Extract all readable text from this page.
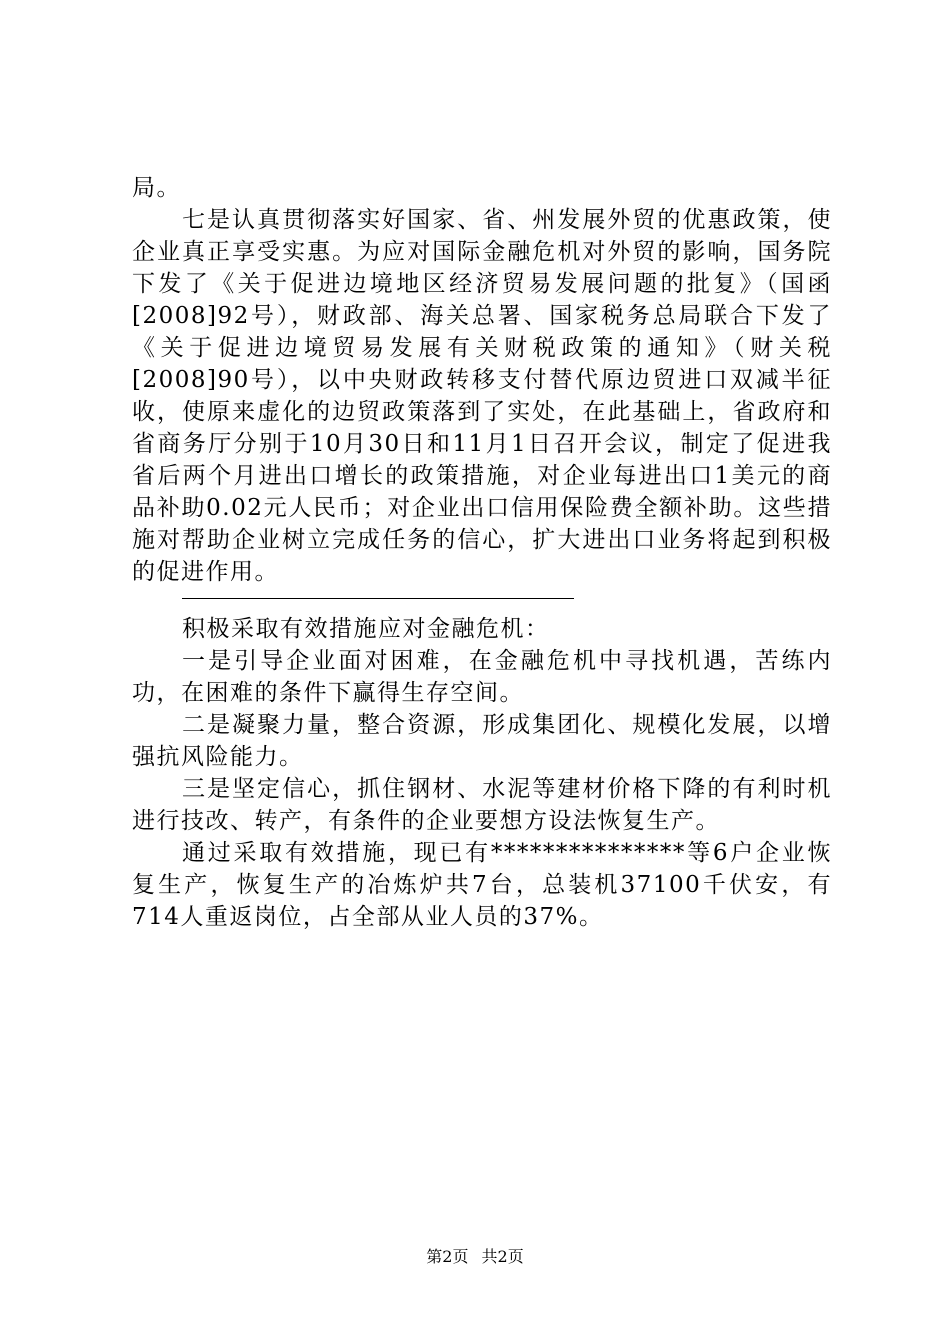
局。

七是认真贯彻落实好国家、省、州发展外贸的优惠政策，使企业真正享受实惠。为应对国际金融危机对外贸的影响，国务院下发了《关于促进边境地区经济贸易发展问题的批复》（国函[2008]92号），财政部、海关总署、国家税务总局联合下发了《关于促进边境贸易发展有关财税政策的通知》（财关税[2008]90号），以中央财政转移支付替代原边贸进口双减半征收，使原来虚化的边贸政策落到了实处，在此基础上，省政府和省商务厅分别于10月30日和11月1日召开会议，制定了促进我省后两个月进出口增长的政策措施，对企业每进出口1美元的商品补助0.02元人民币；对企业出口信用保险费全额补助。这些措施对帮助企业树立完成任务的信心，扩大进出口业务将起到积极的促进作用。

积极采取有效措施应对金融危机：

一是引导企业面对困难，在金融危机中寻找机遇，苦练内功，在困难的条件下赢得生存空间。

二是凝聚力量，整合资源，形成集团化、规模化发展，以增强抗风险能力。

三是坚定信心，抓住钢材、水泥等建材价格下降的有利时机进行技改、转产，有条件的企业要想方设法恢复生产。

通过采取有效措施，现已有***************等6户企业恢复生产，恢复生产的冶炼炉共7台，总装机37100千伏安，有714人重返岗位，占全部从业人员的37%。

第2页 共2页
